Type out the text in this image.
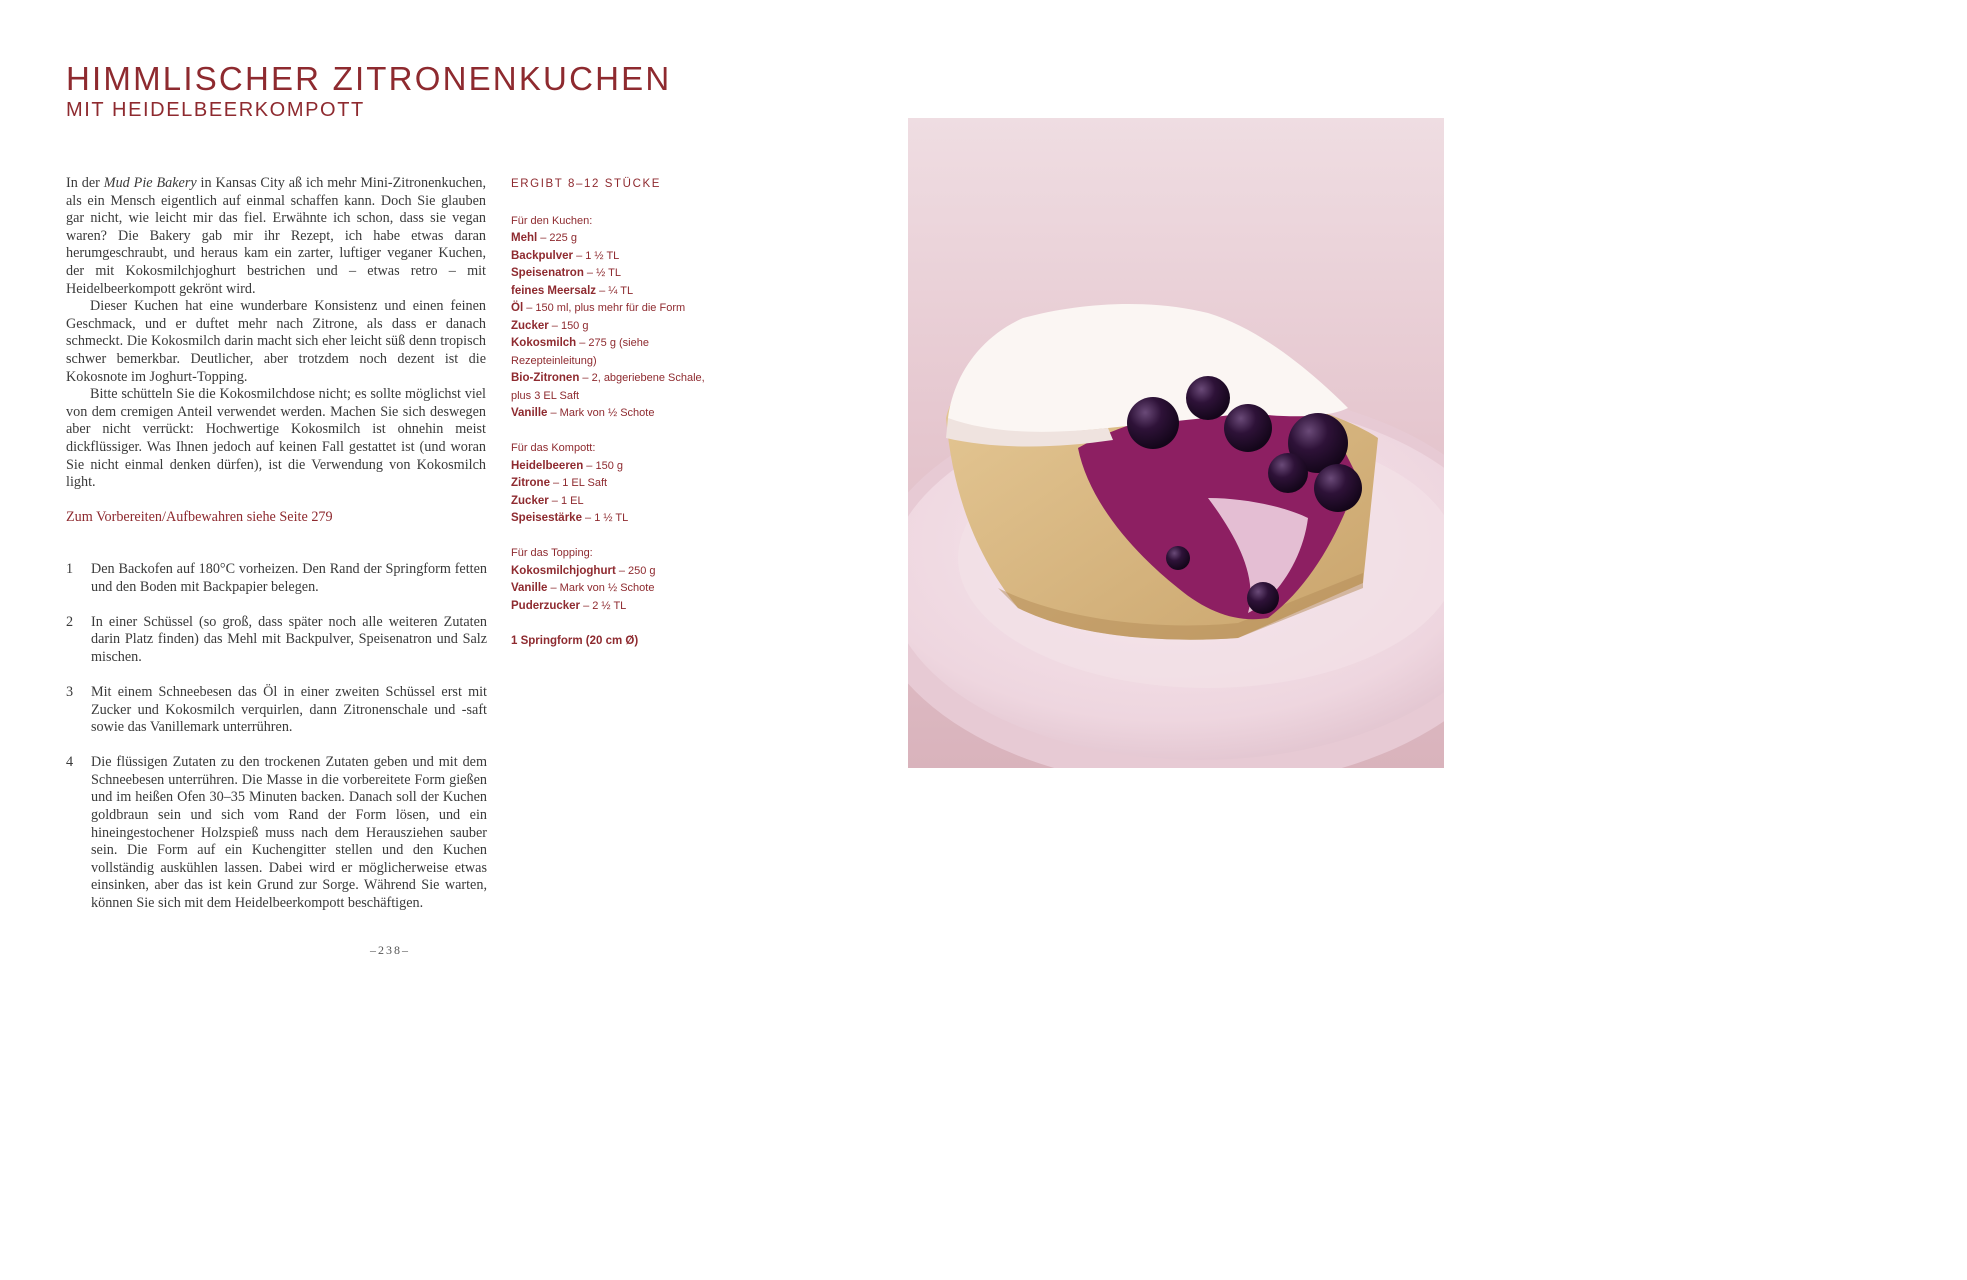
HIMMLISCHER ZITRONENKUCHEN
MIT HEIDELBEERKOMPOTT

In der Mud Pie Bakery in Kansas City aß ich mehr Mini-Zitronenkuchen, als ein Mensch eigentlich auf einmal schaffen kann. Doch Sie glauben gar nicht, wie leicht mir das fiel. Erwähnte ich schon, dass sie vegan waren? Die Bakery gab mir ihr Rezept, ich habe etwas daran herumgeschraubt, und heraus kam ein zarter, luftiger veganer Kuchen, der mit Kokosmilchjoghurt bestrichen und – etwas retro – mit Heidelbeerkompott gekrönt wird.

Dieser Kuchen hat eine wunderbare Konsistenz und einen feinen Geschmack, und er duftet mehr nach Zitrone, als dass er danach schmeckt. Die Kokosmilch darin macht sich eher leicht süß denn tropisch schwer bemerkbar. Deutlicher, aber trotzdem noch dezent ist die Kokosnote im Joghurt-Topping.

Bitte schütteln Sie die Kokosmilchdose nicht; es sollte möglichst viel von dem cremigen Anteil verwendet werden. Machen Sie sich deswegen aber nicht verrückt: Hochwertige Kokosmilch ist ohnehin meist dickflüssiger. Was Ihnen jedoch auf keinen Fall gestattet ist (und woran Sie nicht einmal denken dürfen), ist die Verwendung von Kokosmilch light.

Zum Vorbereiten/Aufbewahren siehe Seite 279
1 Den Backofen auf 180°C vorheizen. Den Rand der Springform fetten und den Boden mit Backpapier belegen.
2 In einer Schüssel (so groß, dass später noch alle weiteren Zutaten darin Platz finden) das Mehl mit Backpulver, Speisenatron und Salz mischen.
3 Mit einem Schneebesen das Öl in einer zweiten Schüssel erst mit Zucker und Kokosmilch verquirlen, dann Zitronenschale und -saft sowie das Vanillemark unterrühren.
4 Die flüssigen Zutaten zu den trockenen Zutaten geben und mit dem Schneebesen unterrühren. Die Masse in die vorbereitete Form gießen und im heißen Ofen 30–35 Minuten backen. Danach soll der Kuchen goldbraun sein und sich vom Rand der Form lösen, und ein hineingestochener Holzspieß muss nach dem Herausziehen sauber sein. Die Form auf ein Kuchengitter stellen und den Kuchen vollständig auskühlen lassen. Dabei wird er möglicherweise etwas einsinken, aber das ist kein Grund zur Sorge. Während Sie warten, können Sie sich mit dem Heidelbeerkompott beschäftigen.
–238–
ERGIBT 8–12 STÜCKE
Für den Kuchen:
Mehl – 225 g
Backpulver – 1 ½ TL
Speisenatron – ½ TL
feines Meersalz – ¼ TL
Öl – 150 ml, plus mehr für die Form
Zucker – 150 g
Kokosmilch – 275 g (siehe Rezepteinleitung)
Bio-Zitronen – 2, abgeriebene Schale, plus 3 EL Saft
Vanille – Mark von ½ Schote
Für das Kompott:
Heidelbeeren – 150 g
Zitrone – 1 EL Saft
Zucker – 1 EL
Speisestärke – 1 ½ TL
Für das Topping:
Kokosmilchjoghurt – 250 g
Vanille – Mark von ½ Schote
Puderzucker – 2 ½ TL
1 Springform (20 cm Ø)
